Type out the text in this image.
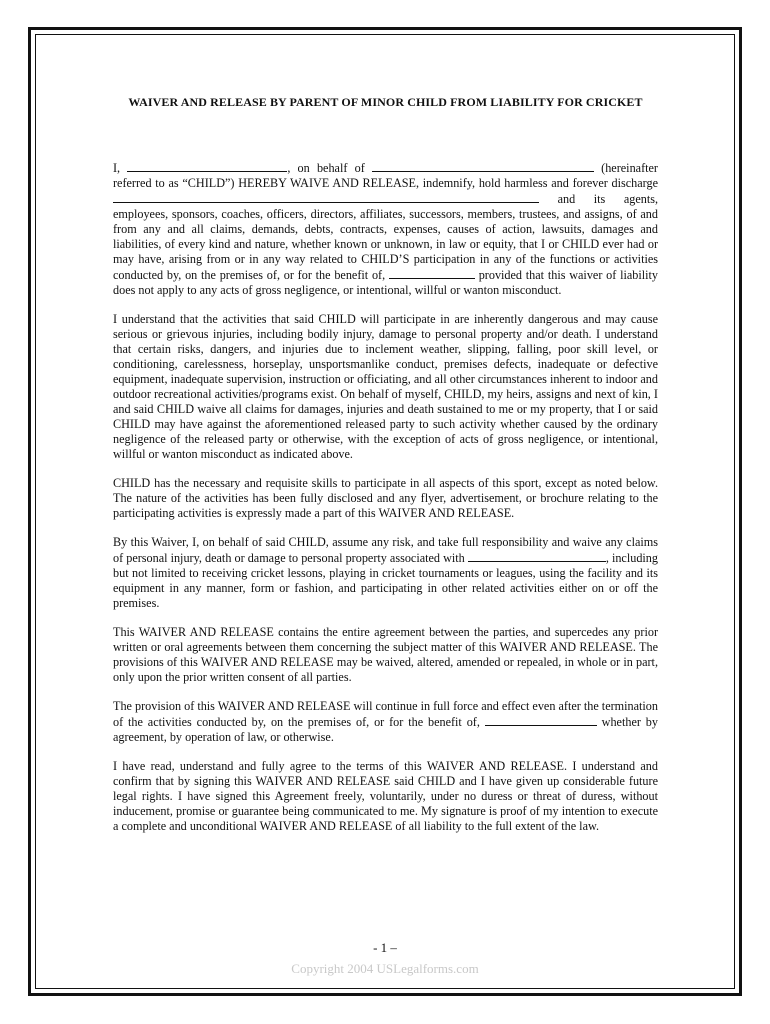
WAIVER AND RELEASE BY PARENT OF MINOR CHILD FROM LIABILITY FOR CRICKET

I,	, on behalf of	(hereinafter referred to as “CHILD”) HEREBY WAIVE AND RELEASE, indemnify, hold harmless and forever discharge  and its agents, employees, sponsors, coaches, officers, directors, affiliates, successors, members, trustees, and assigns, of and from any and all claims, demands, debts, contracts, expenses, causes of action, lawsuits, damages and liabilities, of every kind and nature, whether known or unknown, in law or equity, that I or CHILD ever had or may have, arising from or in any way related to CHILD’S participation in any of the functions or activities conducted by, on the premises of, or for the benefit of,	provided that this waiver of liability does not apply to any acts of gross negligence, or intentional, willful or wanton misconduct.

I understand that the activities that said CHILD will participate in are inherently dangerous and may cause serious or grievous injuries, including bodily injury, damage to personal property and/or death. I understand that certain risks, dangers, and injuries due to inclement weather, slipping, falling, poor skill level, or conditioning, carelessness, horseplay, unsportsmanlike conduct, premises defects, inadequate or defective equipment, inadequate supervision, instruction or officiating, and all other circumstances inherent to indoor and outdoor recreational activities/programs exist. On behalf of myself, CHILD, my heirs, assigns and next of kin, I and said CHILD waive all claims for damages, injuries and death sustained to me or my property, that I or said CHILD may have against the aforementioned released party to such activity whether caused by the ordinary negligence of the released party or otherwise, with the exception of acts of gross negligence, or intentional, willful or wanton misconduct as indicated above.

CHILD has the necessary and requisite skills to participate in all aspects of this sport, except as noted below. The nature of the activities has been fully disclosed and any flyer, advertisement, or brochure relating to the participating activities is expressly made a part of this WAIVER AND RELEASE.

By this Waiver, I, on behalf of said CHILD, assume any risk, and take full responsibility and waive any claims of personal injury, death or damage to personal property associated with	, including but not limited to receiving cricket lessons, playing in cricket tournaments or leagues, using the facility and its equipment in any manner, form or fashion, and participating in other related activities either on or off the premises.

This WAIVER AND RELEASE contains the entire agreement between the parties, and supercedes any prior written or oral agreements between them concerning the subject matter of this WAIVER AND RELEASE. The provisions of this WAIVER AND RELEASE may be waived, altered, amended or repealed, in whole or in part, only upon the prior written consent of all parties.

The provision of this WAIVER AND RELEASE will continue in full force and effect even after the termination of the activities conducted by, on the premises of, or for the benefit of,	whether by agreement, by operation of law, or otherwise.

I have read, understand and fully agree to the terms of this WAIVER AND RELEASE. I understand and confirm that by signing this WAIVER AND RELEASE said CHILD and I have given up considerable future legal rights. I have signed this Agreement freely, voluntarily, under no duress or threat of duress, without inducement, promise or guarantee being communicated to me. My signature is proof of my intention to execute a complete and unconditional WAIVER AND RELEASE of all liability to the full extent of the law.

- 1 –
Copyright 2004 USLegalforms.com
